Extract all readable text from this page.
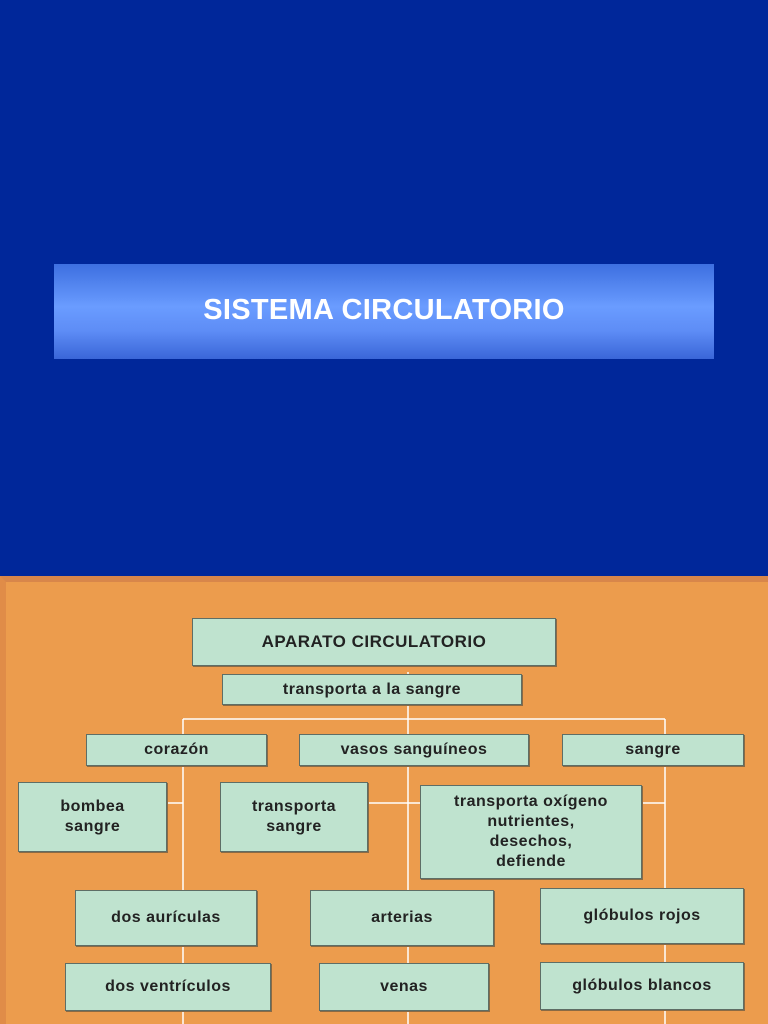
SISTEMA CIRCULATORIO
APARATO CIRCULATORIO
transporta a la sangre
corazón	vasos sanguíneos	sangre
bombea
sangre
transporta
sangre
transporta oxígeno
nutrientes,
desechos,
defiende
dos aurículas	arterias	glóbulos rojos
dos ventrículos	venas	glóbulos blancos
